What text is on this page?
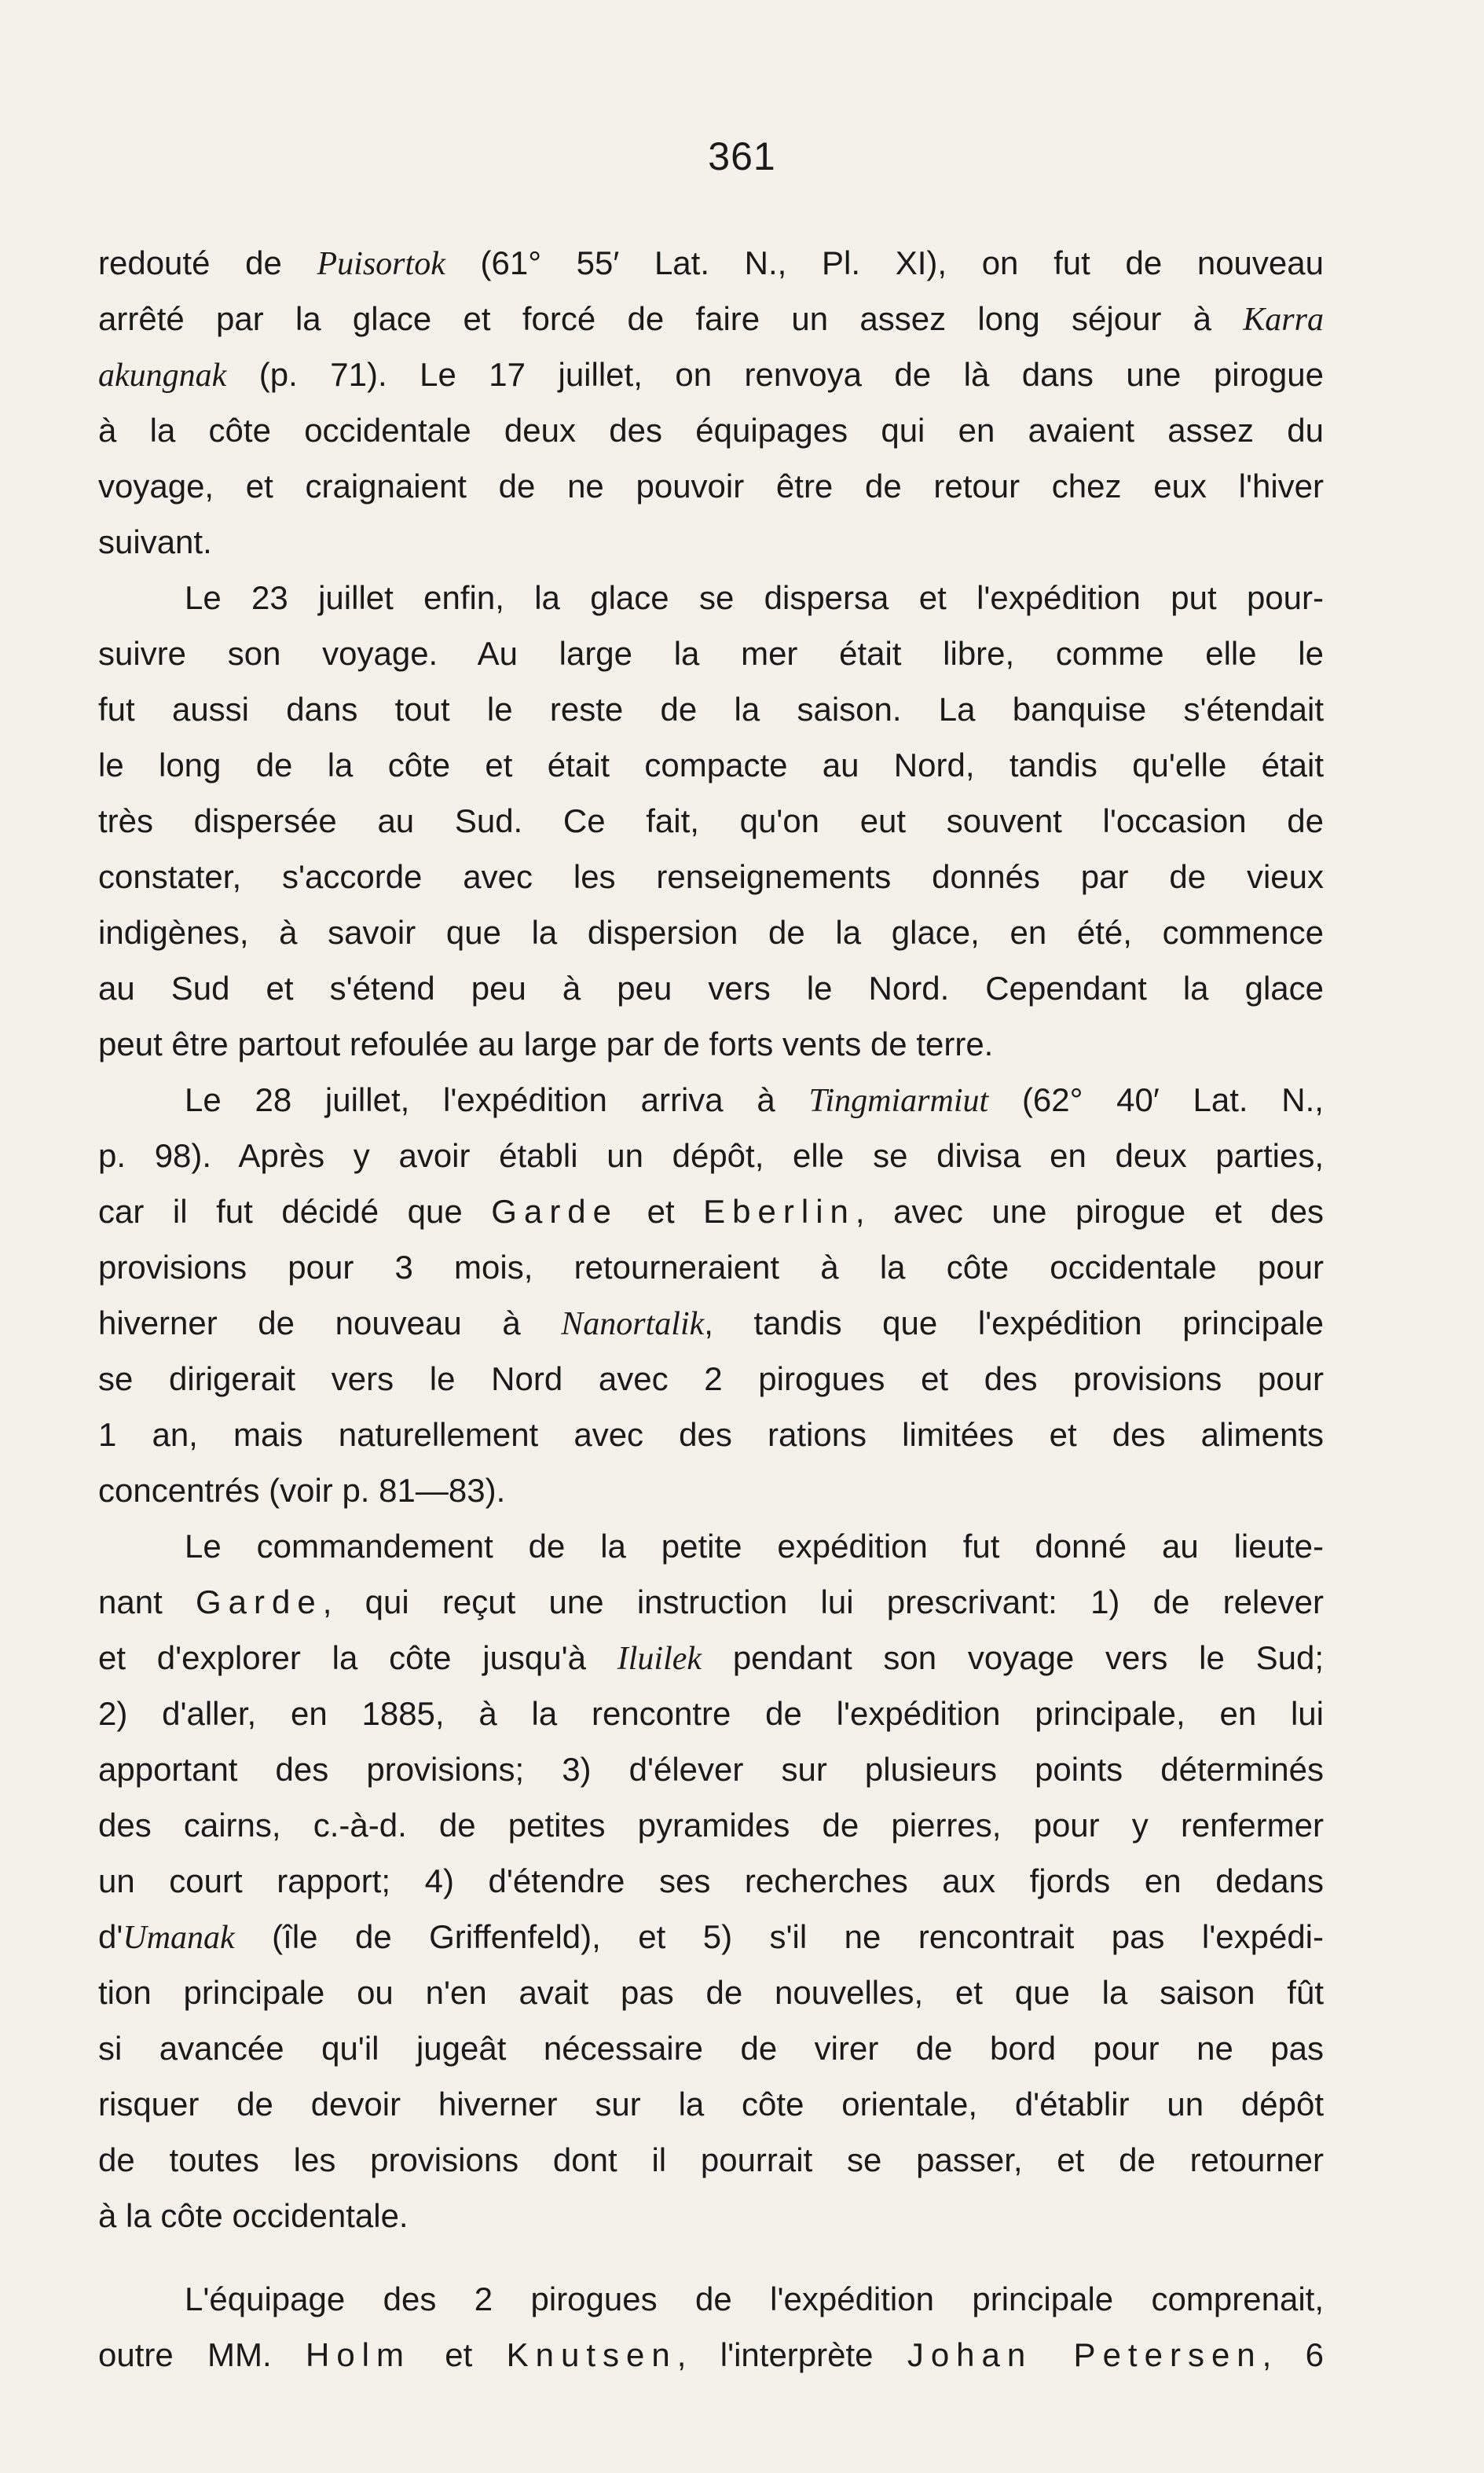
361
redouté de Puisortok (61° 55′ Lat. N., Pl. XI), on fut de nouveau
arrêté par la glace et forcé de faire un assez long séjour à Karra
akungnak (p. 71). Le 17 juillet, on renvoya de là dans une pirogue
à la côte occidentale deux des équipages qui en avaient assez du
voyage, et craignaient de ne pouvoir être de retour chez eux l'hiver
suivant.
Le 23 juillet enfin, la glace se dispersa et l'expédition put pour-
suivre son voyage. Au large la mer était libre, comme elle le
fut aussi dans tout le reste de la saison. La banquise s'étendait
le long de la côte et était compacte au Nord, tandis qu'elle était
très dispersée au Sud. Ce fait, qu'on eut souvent l'occasion de
constater, s'accorde avec les renseignements donnés par de vieux
indigènes, à savoir que la dispersion de la glace, en été, commence
au Sud et s'étend peu à peu vers le Nord. Cependant la glace
peut être partout refoulée au large par de forts vents de terre.
Le 28 juillet, l'expédition arriva à Tingmiarmiut (62° 40′ Lat. N.,
p. 98). Après y avoir établi un dépôt, elle se divisa en deux parties,
car il fut décidé que Garde et Eberlin, avec une pirogue et des
provisions pour 3 mois, retourneraient à la côte occidentale pour
hiverner de nouveau à Nanortalik, tandis que l'expédition principale
se dirigerait vers le Nord avec 2 pirogues et des provisions pour
1 an, mais naturellement avec des rations limitées et des aliments
concentrés (voir p. 81—83).
Le commandement de la petite expédition fut donné au lieute-
nant Garde, qui reçut une instruction lui prescrivant: 1) de relever
et d'explorer la côte jusqu'à Iluilek pendant son voyage vers le Sud;
2) d'aller, en 1885, à la rencontre de l'expédition principale, en lui
apportant des provisions; 3) d'élever sur plusieurs points déterminés
des cairns, c.-à-d. de petites pyramides de pierres, pour y renfermer
un court rapport; 4) d'étendre ses recherches aux fjords en dedans
d'Umanak (île de Griffenfeld), et 5) s'il ne rencontrait pas l'expédi-
tion principale ou n'en avait pas de nouvelles, et que la saison fût
si avancée qu'il jugeât nécessaire de virer de bord pour ne pas
risquer de devoir hiverner sur la côte orientale, d'établir un dépôt
de toutes les provisions dont il pourrait se passer, et de retourner
à la côte occidentale.
L'équipage des 2 pirogues de l'expédition principale comprenait,
outre MM. Holm et Knutsen, l'interprète Johan Petersen, 6
